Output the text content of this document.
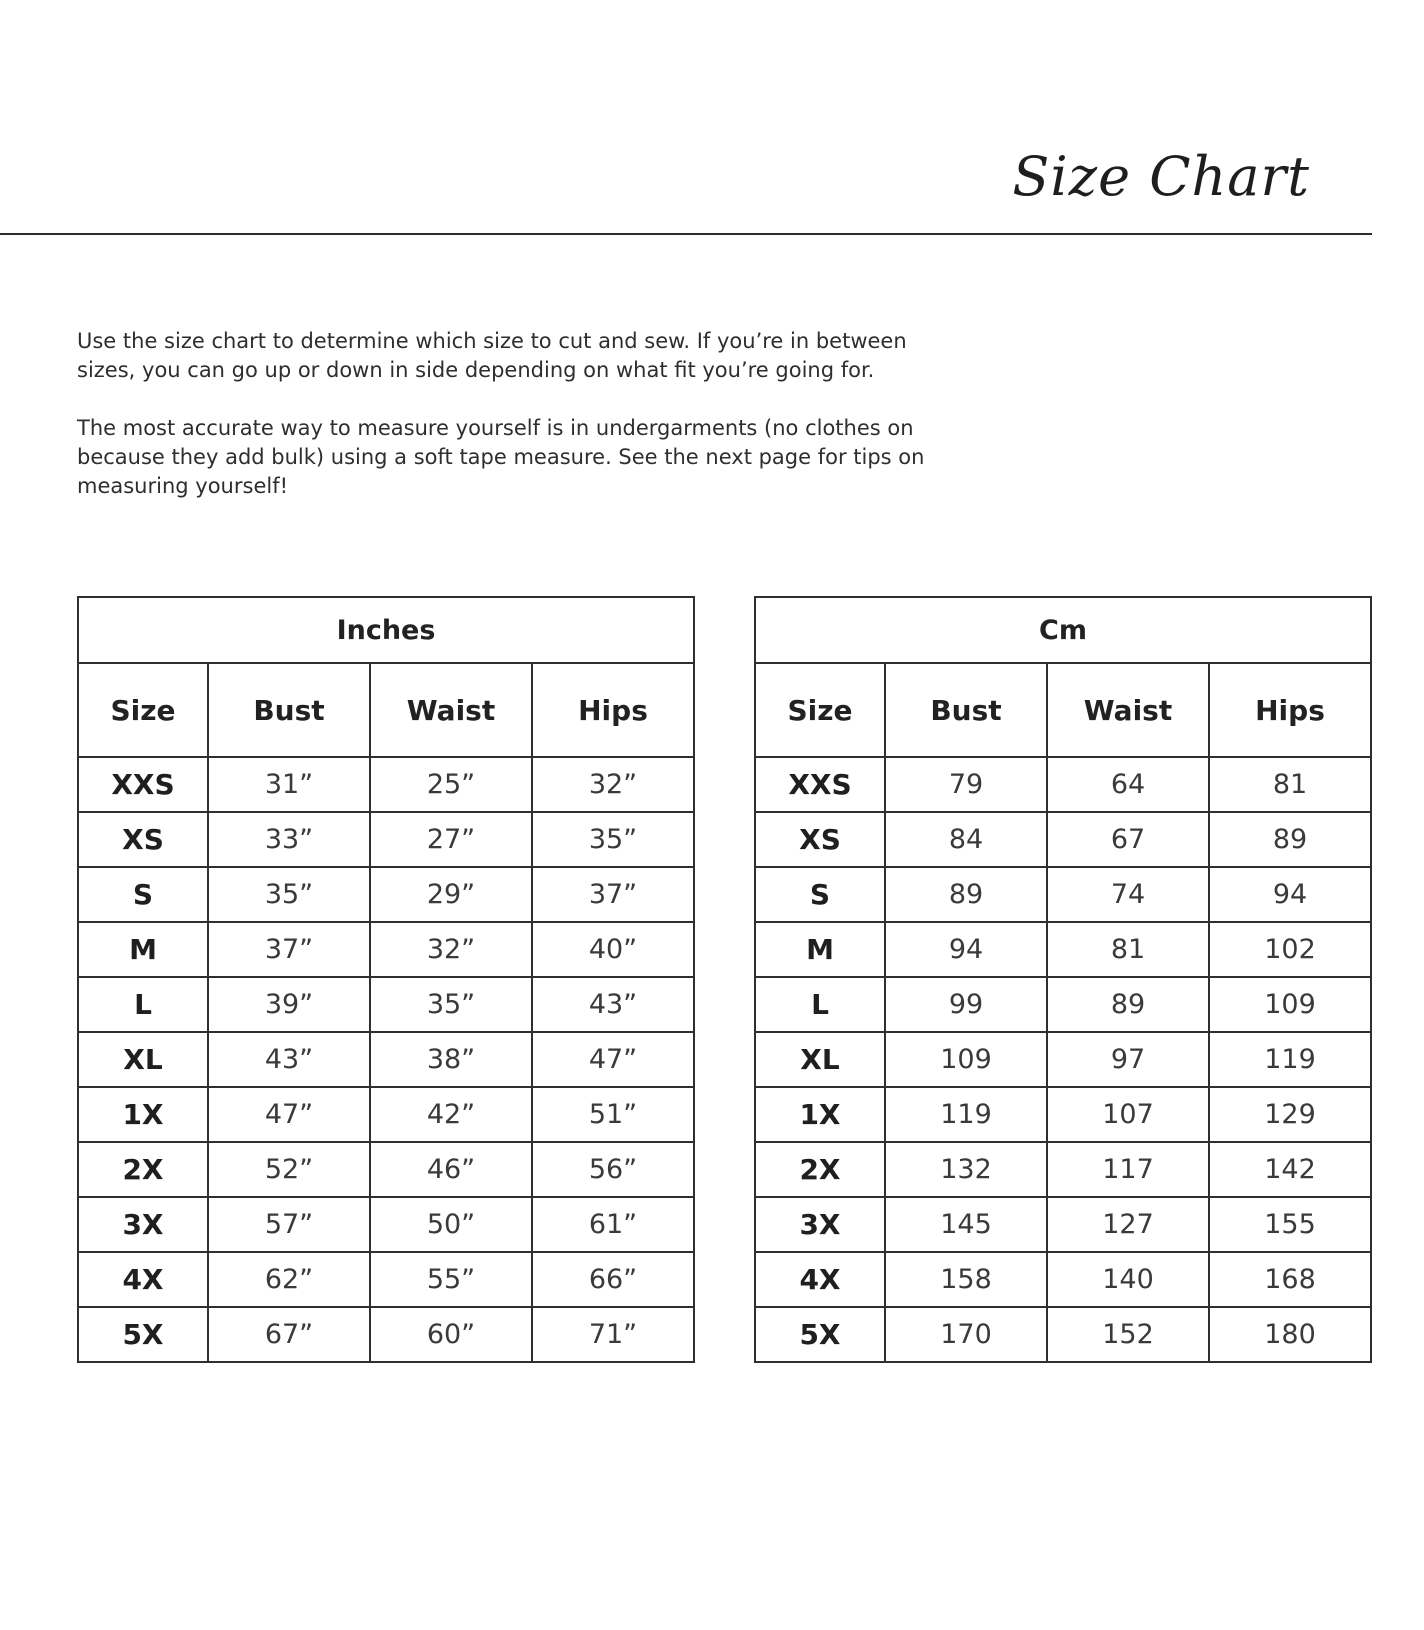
Size Chart

Use the size chart to determine which size to cut and sew. If you’re in between sizes, you can go up or down in side depending on what fit you’re going for.

The most accurate way to measure yourself is in undergarments (no clothes on because they add bulk) using a soft tape measure. See the next page for tips on measuring yourself!

Inches			
Size	Bust	Waist	Hips
XXS	31”	25”	32”
XS	33”	27”	35”
S	35”	29”	37”
M	37”	32”	40”
L	39”	35”	43”
XL	43”	38”	47”
1X	47”	42”	51”
2X	52”	46”	56”
3X	57”	50”	61”
4X	62”	55”	66”
5X	67”	60”	71”
Cm			
Size	Bust	Waist	Hips
XXS	79	64	81
XS	84	67	89
S	89	74	94
M	94	81	102
L	99	89	109
XL	109	97	119
1X	119	107	129
2X	132	117	142
3X	145	127	155
4X	158	140	168
5X	170	152	180
